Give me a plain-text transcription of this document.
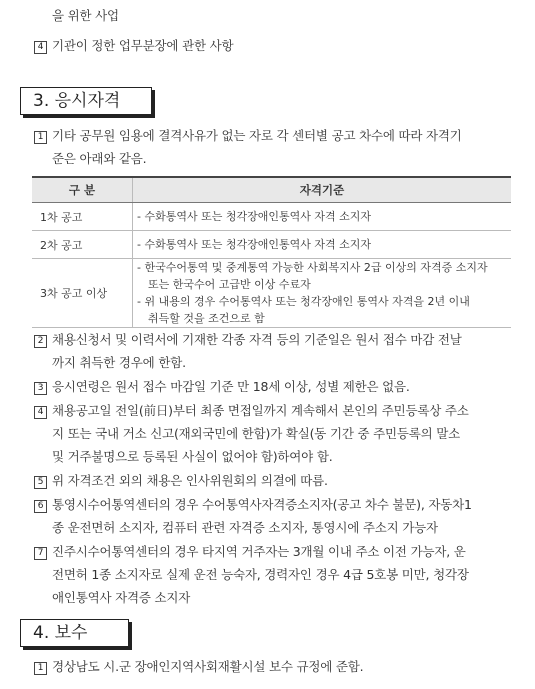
을 위한 사업
4 기관이 정한 업무분장에 관한 사항
3. 응시자격
1 기타 공무원 임용에 결격사유가 없는 자로 각 센터별 공고 차수에 따라 자격기
준은 아래와 같음.
구 분	자격기준
1차 공고	- 수화통역사 또는 청각장애인통역사 자격 소지자
2차 공고	- 수화통역사 또는 청각장애인통역사 자격 소지자
3차 공고 이상	- 한국수어통역 및 중계통역 가능한 사회복지사 2급 이상의 자격증 소지자
또는 한국수어 고급반 이상 수료자
- 위 내용의 경우 수어통역사 또는 청각장애인 통역사 자격을 2년 이내
취득할 것을 조건으로 함
2 채용신청서 및 이력서에 기재한 각종 자격 등의 기준일은 원서 접수 마감 전날
까지 취득한 경우에 한함.
3 응시연령은 원서 접수 마감일 기준 만 18세 이상, 성별 제한은 없음.
4 채용공고일 전일(前日)부터 최종 면접일까지 계속해서 본인의 주민등록상 주소
지 또는 국내 거소 신고(재외국민에 한함)가 확실(동 기간 중 주민등록의 말소
및 거주불명으로 등록된 사실이 없어야 함)하여야 함.
5 위 자격조건 외의 채용은 인사위원회의 의결에 따름.
6 통영시수어통역센터의 경우 수어통역사자격증소지자(공고 차수 불문), 자동차1
종 운전면허 소지자, 컴퓨터 관련 자격증 소지자, 통영시에 주소지 가능자
7 진주시수어통역센터의 경우 타지역 거주자는 3개월 이내 주소 이전 가능자, 운
전면허 1종 소지자로 실제 운전 능숙자, 경력자인 경우 4급 5호봉 미만, 청각장
애인통역사 자격증 소지자
4. 보수
1 경상남도 시.군 장애인지역사회재활시설 보수 규정에 준함.
